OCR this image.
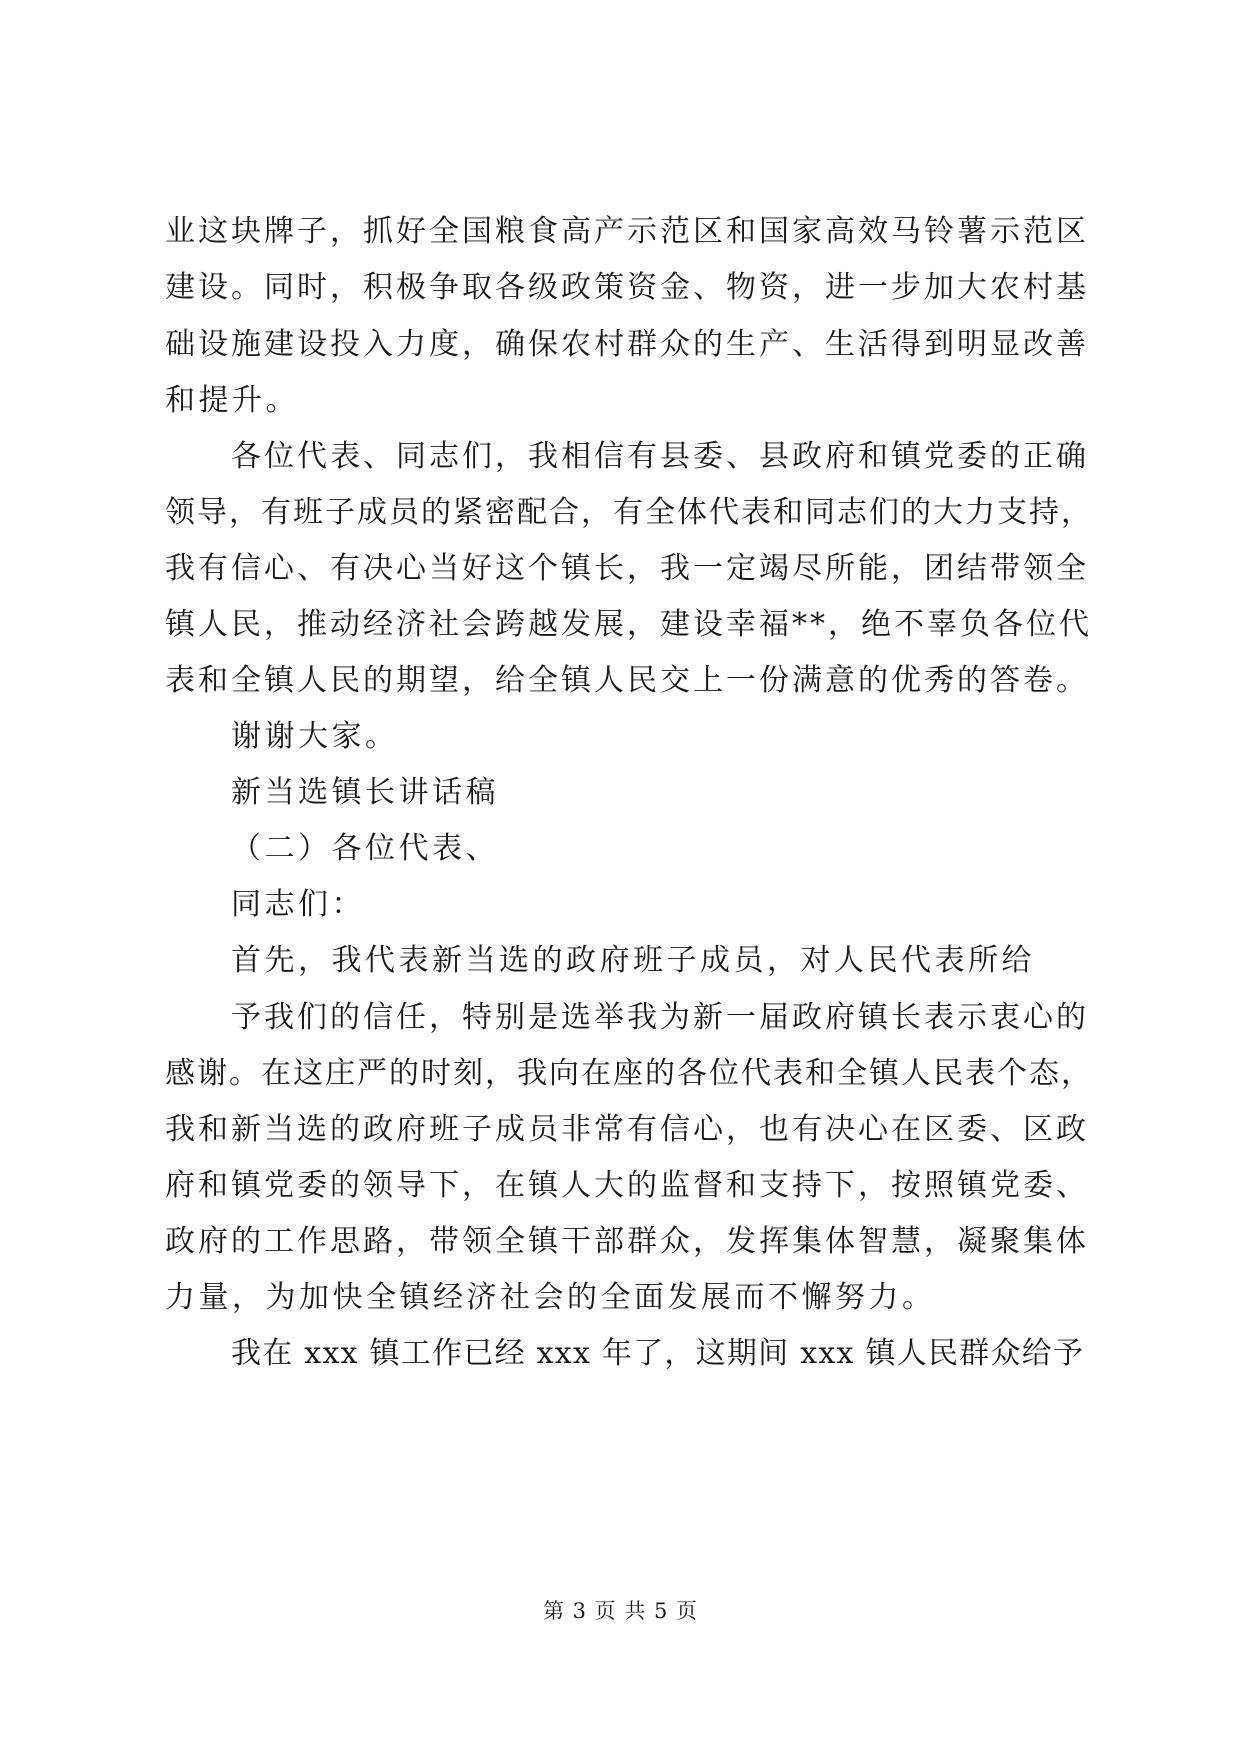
业这块牌子，抓好全国粮食高产示范区和国家高效马铃薯示范区
建设。同时，积极争取各级政策资金、物资，进一步加大农村基
础设施建设投入力度，确保农村群众的生产、生活得到明显改善
和提升。
各位代表、同志们，我相信有县委、县政府和镇党委的正确
领导，有班子成员的紧密配合，有全体代表和同志们的大力支持，
我有信心、有决心当好这个镇长，我一定竭尽所能，团结带领全
镇人民，推动经济社会跨越发展，建设幸福**，绝不辜负各位代
表和全镇人民的期望，给全镇人民交上一份满意的优秀的答卷。
谢谢大家。
新当选镇长讲话稿
（二）各位代表、
同志们：
首先，我代表新当选的政府班子成员，对人民代表所给
予我们的信任，特别是选举我为新一届政府镇长表示衷心的
感谢。在这庄严的时刻，我向在座的各位代表和全镇人民表个态，
我和新当选的政府班子成员非常有信心，也有决心在区委、区政
府和镇党委的领导下，在镇人大的监督和支持下，按照镇党委、
政府的工作思路，带领全镇干部群众，发挥集体智慧，凝聚集体
力量，为加快全镇经济社会的全面发展而不懈努力。
我在 xxx 镇工作已经 xxx 年了，这期间 xxx 镇人民群众给予
第 3 页 共 5 页
